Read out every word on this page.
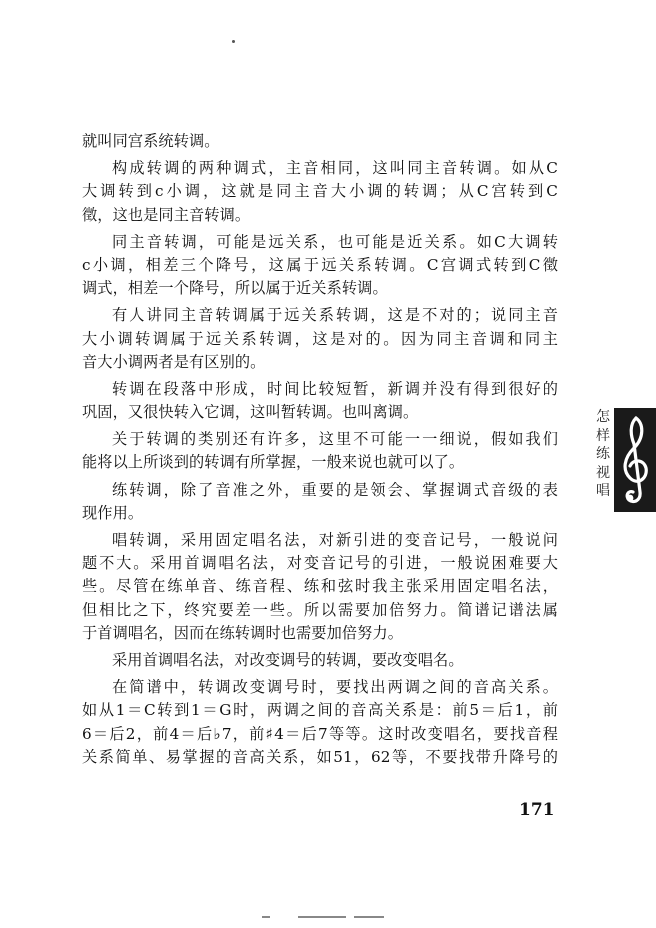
就叫同宫系统转调。
构成转调的两种调式，主音相同，这叫同主音转调。如从C
大调转到c小调，这就是同主音大小调的转调；从C宫转到C
徵，这也是同主音转调。
同主音转调，可能是远关系，也可能是近关系。如C大调转
c小调，相差三个降号，这属于远关系转调。C宫调式转到C徵
调式，相差一个降号，所以属于近关系转调。
有人讲同主音转调属于远关系转调，这是不对的；说同主音
大小调转调属于远关系转调，这是对的。因为同主音调和同主
音大小调两者是有区别的。
转调在段落中形成，时间比较短暂，新调并没有得到很好的
巩固，又很快转入它调，这叫暂转调。也叫离调。
关于转调的类别还有许多，这里不可能一一细说，假如我们
能将以上所谈到的转调有所掌握，一般来说也就可以了。
练转调，除了音准之外，重要的是领会、掌握调式音级的表
现作用。
唱转调，采用固定唱名法，对新引进的变音记号，一般说问
题不大。采用首调唱名法，对变音记号的引进，一般说困难要大
些。尽管在练单音、练音程、练和弦时我主张采用固定唱名法，
但相比之下，终究要差一些。所以需要加倍努力。简谱记谱法属
于首调唱名，因而在练转调时也需要加倍努力。
采用首调唱名法，对改变调号的转调，要改变唱名。
在简谱中，转调改变调号时，要找出两调之间的音高关系。
如从1＝C转到1＝G时，两调之间的音高关系是：前5＝后1，前
6＝后2，前4＝后♭7，前♯4＝后7等等。这时改变唱名，要找音程
关系简单、易掌握的音高关系，如51，62等，不要找带升降号的
怎
样
练
视
唱
171
